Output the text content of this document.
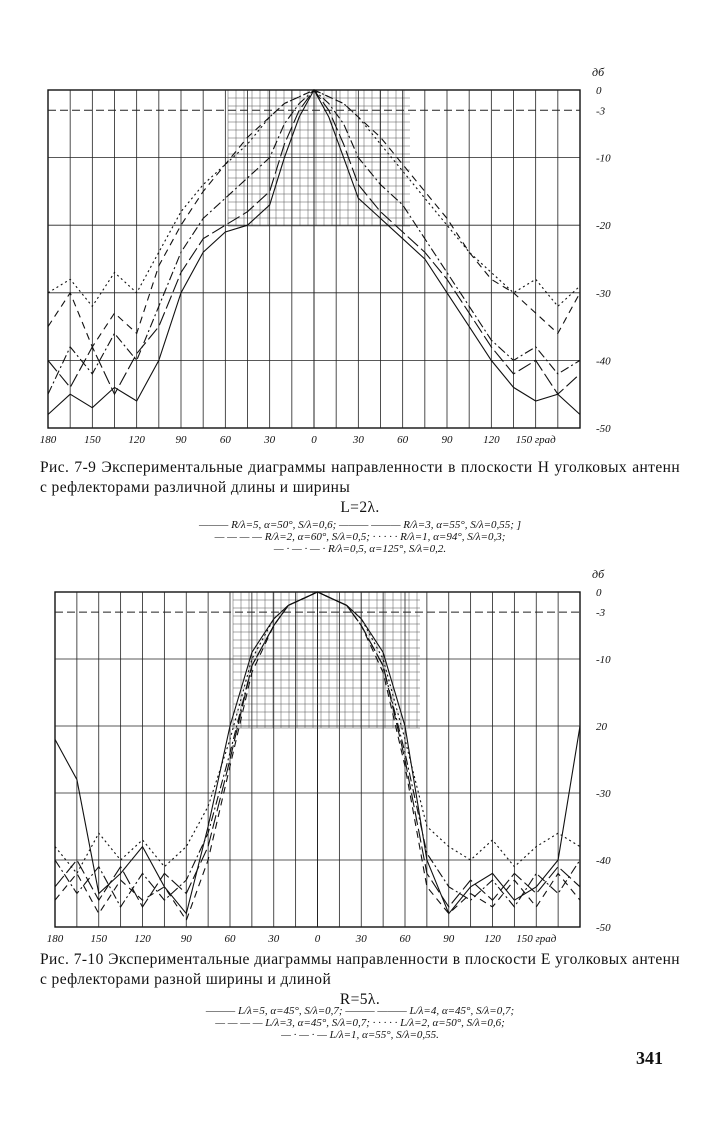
0
-3
-10
-20
-30
-40
-50
дб
180	150	120	90	60	30	0	30	60	90	120 150 град
Рис. 7-9 Экспериментальные диаграммы направленности в плоскости H уголковых антенн с рефлекторами различной длины и ширины
L=2λ.
——— R/λ=5, α=50°, S/λ=0,6; ——— ——— R/λ=3, α=55°, S/λ=0,55; ]
— — — — R/λ=2, α=60°, S/λ=0,5; · · · · · R/λ=1, α=94°, S/λ=0,3;
— · — · — · R/λ=0,5, α=125°, S/λ=0,2.
0
-3
-10
20
-30
-40
-50
дб
180 150 120	90	60	30	0	30	60	90	120 150 град
Рис. 7-10 Экспериментальные диаграммы направленности в плоскости E уголковых антенн с рефлекторами разной ширины и длиной
R=5λ.
——— L/λ=5, α=45°, S/λ=0,7; ——— ——— L/λ=4, α=45°, S/λ=0,7;
— — — — L/λ=3, α=45°, S/λ=0,7; · · · · · L/λ=2, α=50°, S/λ=0,6;
— · — · — L/λ=1, α=55°, S/λ=0,55.
341
